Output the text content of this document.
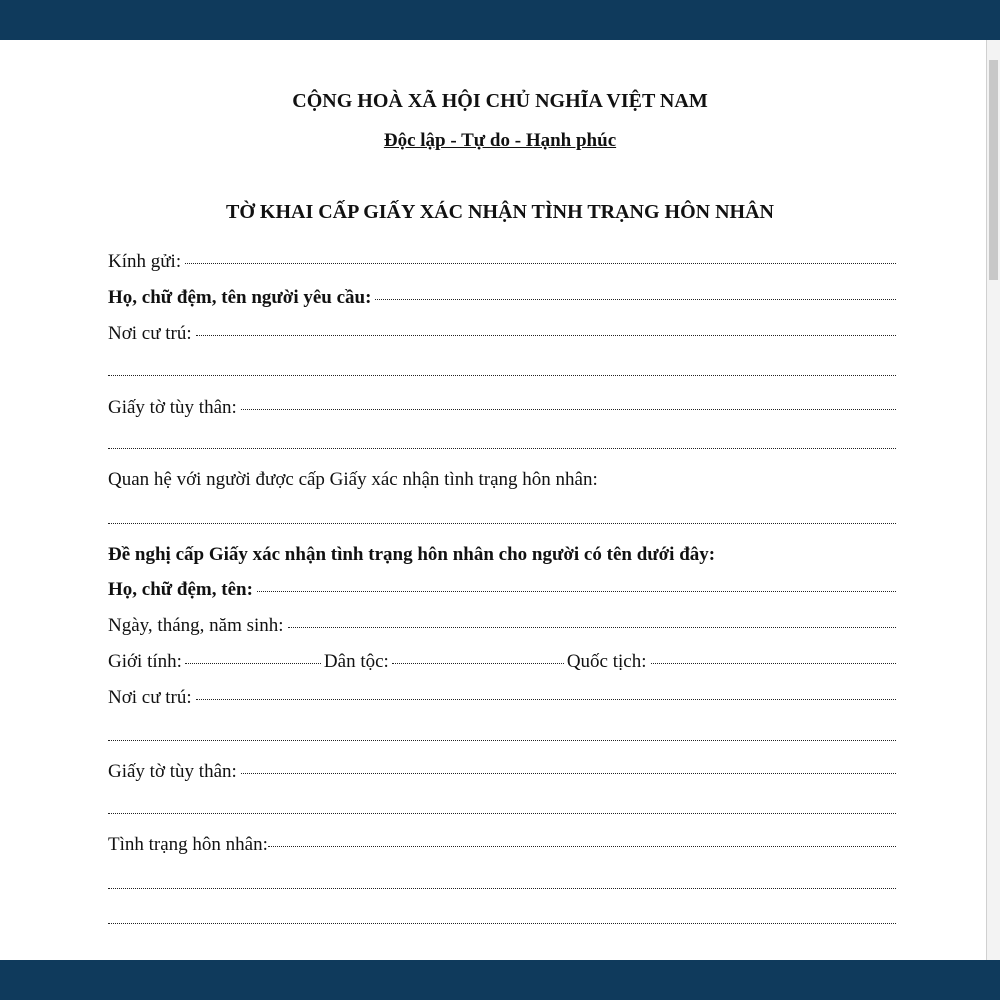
CỘNG HOÀ XÃ HỘI CHỦ NGHĨA VIỆT NAM
Độc lập - Tự do - Hạnh phúc
TỜ KHAI CẤP GIẤY XÁC NHẬN TÌNH TRẠNG HÔN NHÂN
Kính gửi:
Họ, chữ đệm, tên người yêu cầu:
Nơi cư trú:
Giấy tờ tùy thân:
Quan hệ với người được cấp Giấy xác nhận tình trạng hôn nhân:
Đề nghị cấp Giấy xác nhận tình trạng hôn nhân cho người có tên dưới đây:
Họ, chữ đệm, tên:
Ngày, tháng, năm sinh:
Giới tính:	Dân tộc:	Quốc tịch:
Nơi cư trú:
Giấy tờ tùy thân:
Tình trạng hôn nhân:
